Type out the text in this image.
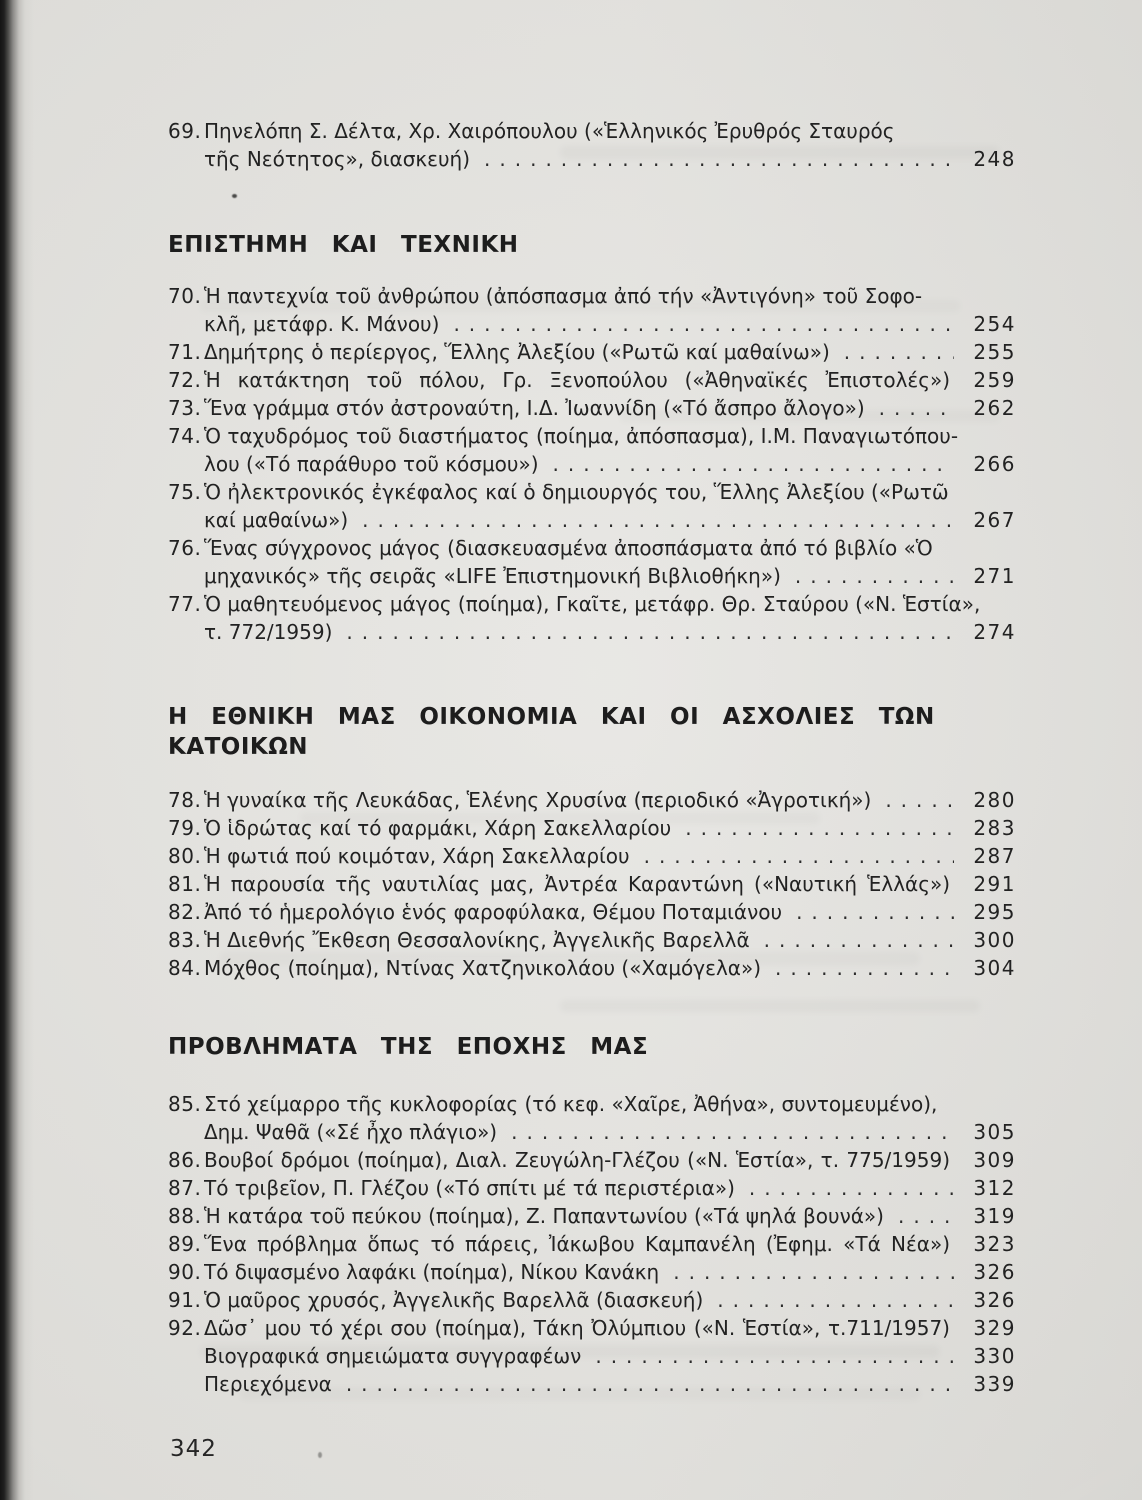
69. Πηνελόπη Σ. Δέλτα, Χρ. Χαιρόπουλου («Ἑλληνικός Ἐρυθρός Σταυρός
τῆς Νεότητος», διασκευή) .....	248
ΕΠΙΣΤΗΜΗ ΚΑΙ ΤΕΧΝΙΚΗ
70. Ἡ παντεχνία τοῦ ἀνθρώπου (ἀπόσπασμα ἀπό τήν «Ἀντιγόνη» τοῦ Σοφο-
κλῆ, μετάφρ. Κ. Μάνου) .....	254
71. Δημήτρης ὁ περίεργος, Ἕλλης Ἀλεξίου («Ρωτῶ καί μαθαίνω») .....	255
72. Ἡ κατάκτηση τοῦ πόλου, Γρ. Ξενοπούλου («Ἀθηναϊκές Ἐπιστολές»)	259
73. Ἕνα γράμμα στόν ἀστροναύτη, Ι.Δ. Ἰωαννίδη («Τό ἄσπρο ἄλογο») .....	262
74. Ὁ ταχυδρόμος τοῦ διαστήματος (ποίημα, ἀπόσπασμα), Ι.Μ. Παναγιωτόπου-
λου («Τό παράθυρο τοῦ κόσμου») .....	266
75. Ὁ ἠλεκτρονικός ἐγκέφαλος καί ὁ δημιουργός του, Ἕλλης Ἀλεξίου («Ρωτῶ
καί μαθαίνω») .....	267
76. Ἕνας σύγχρονος μάγος (διασκευασμένα ἀποσπάσματα ἀπό τό βιβλίο «Ὁ
μηχανικός» τῆς σειρᾶς «LIFE Ἐπιστημονική Βιβλιοθήκη») .....	271
77. Ὁ μαθητευόμενος μάγος (ποίημα), Γκαῖτε, μετάφρ. Θρ. Σταύρου («Ν. Ἑστία»,
τ. 772/1959) .....	274
Η ΕΘΝΙΚΗ ΜΑΣ ΟΙΚΟΝΟΜΙΑ ΚΑΙ ΟΙ ΑΣΧΟΛΙΕΣ ΤΩΝ ΚΑΤΟΙΚΩΝ
78. Ἡ γυναίκα τῆς Λευκάδας, Ἑλένης Χρυσίνα (περιοδικό «Ἀγροτική») .....	280
79. Ὁ ἱδρώτας καί τό φαρμάκι, Χάρη Σακελλαρίου .....	283
80. Ἡ φωτιά πού κοιμόταν, Χάρη Σακελλαρίου .....	287
81. Ἡ παρουσία τῆς ναυτιλίας μας, Ἀντρέα Καραντώνη («Ναυτική Ἑλλάς»)	291
82. Ἀπό τό ἡμερολόγιο ἑνός φαροφύλακα, Θέμου Ποταμιάνου .....	295
83. Ἡ Διεθνής Ἔκθεση Θεσσαλονίκης, Ἀγγελικῆς Βαρελλᾶ .....	300
84. Μόχθος (ποίημα), Ντίνας Χατζηνικολάου («Χαμόγελα») .....	304
ΠΡΟΒΛΗΜΑΤΑ ΤΗΣ ΕΠΟΧΗΣ ΜΑΣ
85. Στό χείμαρρο τῆς κυκλοφορίας (τό κεφ. «Χαῖρε, Ἀθήνα», συντομευμένο),
Δημ. Ψαθᾶ («Σέ ἦχο πλάγιο») .....	305
86. Βουβοί δρόμοι (ποίημα), Διαλ. Ζευγώλη-Γλέζου («Ν. Ἑστία», τ. 775/1959)	309
87. Τό τριβεῖον, Π. Γλέζου («Τό σπίτι μέ τά περιστέρια») .....	312
88. Ἡ κατάρα τοῦ πεύκου (ποίημα), Ζ. Παπαντωνίου («Τά ψηλά βουνά») .....	319
89. Ἕνα πρόβλημα ὅπως τό πάρεις, Ἰάκωβου Καμπανέλη (Ἐφημ. «Τά Νέα»)	323
90. Τό διψασμένο λαφάκι (ποίημα), Νίκου Κανάκη .....	326
91. Ὁ μαῦρος χρυσός, Ἀγγελικῆς Βαρελλᾶ (διασκευή) .....	326
92. Δῶσ᾽ μου τό χέρι σου (ποίημα), Τάκη Ὀλύμπιου («Ν. Ἑστία», τ.711/1957)	329
Βιογραφικά σημειώματα συγγραφέων .....	330
Περιεχόμενα .....	339
342
